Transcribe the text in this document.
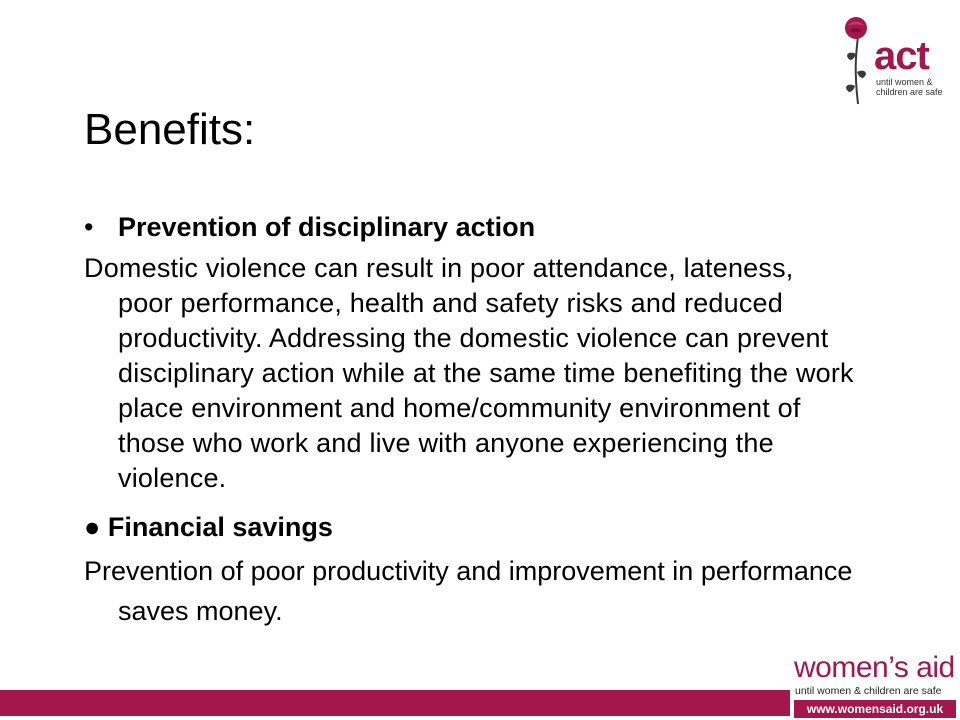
act
until women & children are safe
Benefits:
• Prevention of disciplinary action

Domestic violence can result in poor attendance, lateness, poor performance, health and safety risks and reduced productivity. Addressing the domestic violence can prevent disciplinary action while at the same time benefiting the work place environment and home/community environment of those who work and live with anyone experiencing the violence.

● Financial savings

Prevention of poor productivity and improvement in performance saves money.

women’s aid
until women & children are safe
www.womensaid.org.uk
